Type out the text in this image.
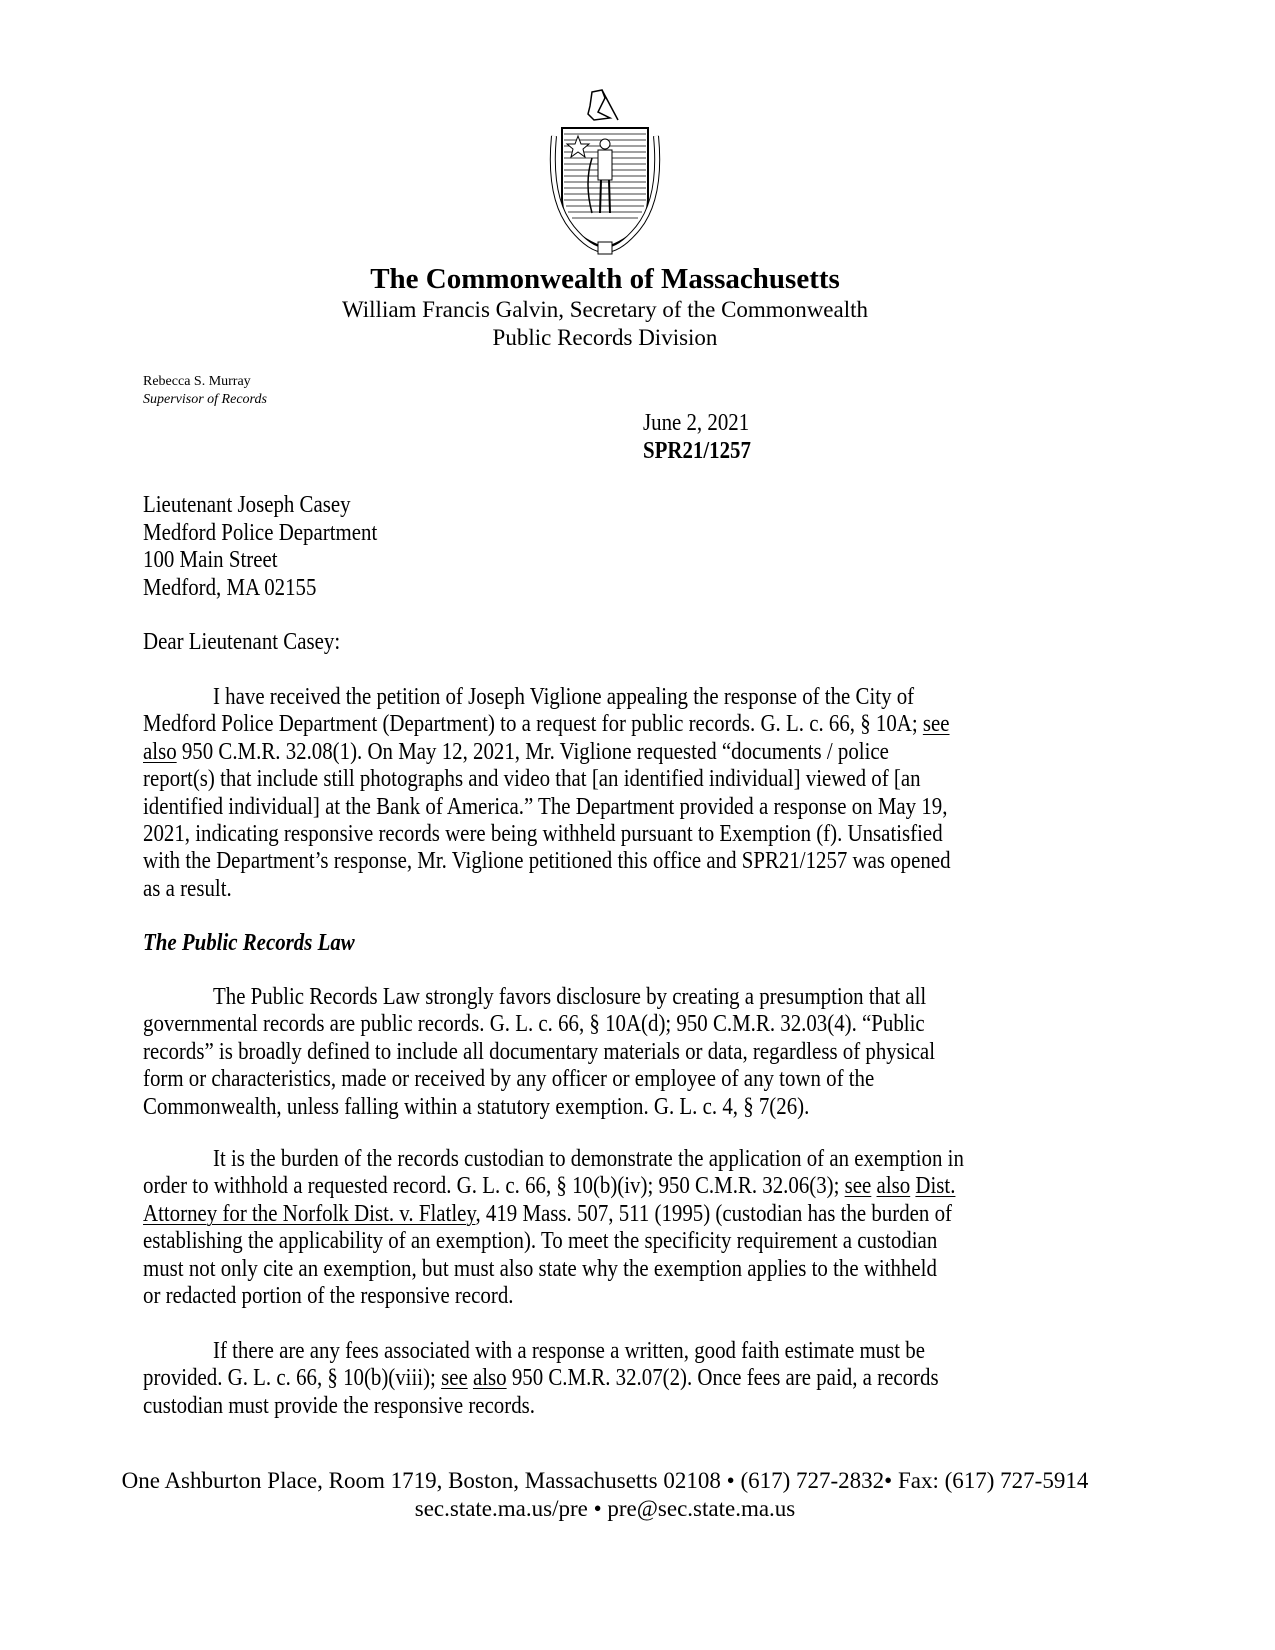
The Commonwealth of Massachusetts
William Francis Galvin, Secretary of the Commonwealth
Public Records Division
Rebecca S. Murray
Supervisor of Records
June 2, 2021
SPR21/1257
Lieutenant Joseph Casey
Medford Police Department
100 Main Street
Medford, MA 02155
Dear Lieutenant Casey:
I have received the petition of Joseph Viglione appealing the response of the City of
Medford Police Department (Department) to a request for public records. G. L. c. 66, § 10A; see
also 950 C.M.R. 32.08(1). On May 12, 2021, Mr. Viglione requested “documents / police
report(s) that include still photographs and video that [an identified individual] viewed of [an
identified individual] at the Bank of America.” The Department provided a response on May 19,
2021, indicating responsive records were being withheld pursuant to Exemption (f). Unsatisfied
with the Department’s response, Mr. Viglione petitioned this office and SPR21/1257 was opened
as a result.
The Public Records Law
The Public Records Law strongly favors disclosure by creating a presumption that all
governmental records are public records. G. L. c. 66, § 10A(d); 950 C.M.R. 32.03(4). “Public
records” is broadly defined to include all documentary materials or data, regardless of physical
form or characteristics, made or received by any officer or employee of any town of the
Commonwealth, unless falling within a statutory exemption. G. L. c. 4, § 7(26).
It is the burden of the records custodian to demonstrate the application of an exemption in
order to withhold a requested record. G. L. c. 66, § 10(b)(iv); 950 C.M.R. 32.06(3); see also Dist.
Attorney for the Norfolk Dist. v. Flatley, 419 Mass. 507, 511 (1995) (custodian has the burden of
establishing the applicability of an exemption). To meet the specificity requirement a custodian
must not only cite an exemption, but must also state why the exemption applies to the withheld
or redacted portion of the responsive record.
If there are any fees associated with a response a written, good faith estimate must be
provided. G. L. c. 66, § 10(b)(viii); see also 950 C.M.R. 32.07(2). Once fees are paid, a records
custodian must provide the responsive records.
One Ashburton Place, Room 1719, Boston, Massachusetts 02108 • (617) 727-2832• Fax: (617) 727-5914
sec.state.ma.us/pre • pre@sec.state.ma.us
